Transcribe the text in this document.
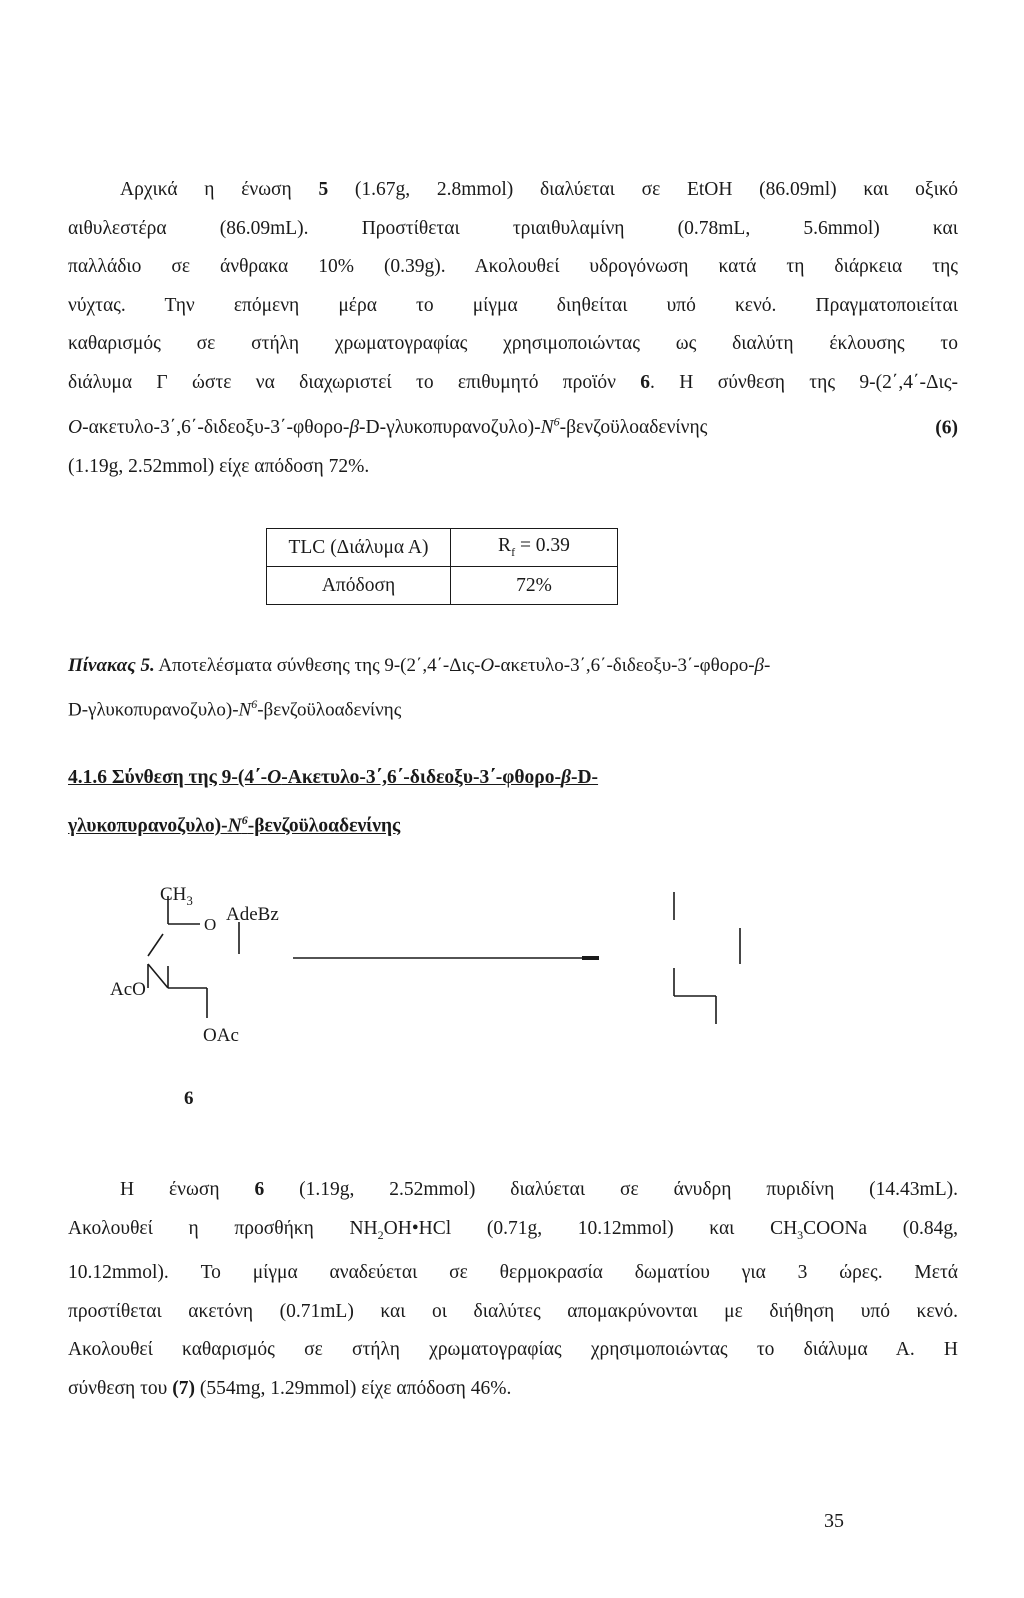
Αρχικά η ένωση 5 (1.67g, 2.8mmol) διαλύεται σε EtOH (86.09ml) και οξικό
αιθυλεστέρα (86.09mL). Προστίθεται τριαιθυλαμίνη (0.78mL, 5.6mmol) και
παλλάδιο σε άνθρακα 10% (0.39g). Ακολουθεί υδρογόνωση κατά τη διάρκεια της
νύχτας. Την επόμενη μέρα το μίγμα διηθείται υπό κενό. Πραγματοποιείται
καθαρισμός σε στήλη χρωματογραφίας χρησιμοποιώντας ως διαλύτη έκλουσης το
διάλυμα Γ ώστε να διαχωριστεί το επιθυμητό προϊόν 6. Η σύνθεση της 9-(2΄,4΄-Δις-
$O-\alpha\kappa\varepsilon\tau\upsilon\lambda o-3΄,6΄-\delta\iota\delta\varepsilon o\xi\upsilon-3΄-\varphi\theta o\rho o-\beta-D-\gamma\lambda\upsilon\kappa o\pi\upsilon\rho\alpha\nu o\zeta\upsilon\lambda o)-N^6$-βενζοϋλοαδενίνης (6)
(1.19g, 2.52mmol) είχε απόδοση 72%.
TLC (Διάλυμα Α)	$R_f = 0.39$
Απόδοση	72%
Πίνακας 5. Αποτελέσματα σύνθεσης της 9-(2΄,4΄-Δις-O-ακετυλο-3΄,6΄-διδεοξυ-3΄-φθορο-β-
$D-\gamma\lambda\upsilon\kappa o\pi\upsilon\rho\alpha\nu o\zeta\upsilon\lambda o)-N^6$-βενζοϋλοαδενίνης
4.1.6 Σύνθεση της 9-(4΄-O-Ακετυλο-3΄,6΄-διδεοξυ-3΄-φθορο-β-D-
$\gamma\lambda\upsilon\kappa o\pi\upsilon\rho\alpha\nu o\zeta\upsilon\lambda o)-N^6$-βενζοϋλοαδενίνης
$CH_3$
O AdeBz
AcO
OAc
6
Η ένωση 6 (1.19g, 2.52mmol) διαλύεται σε άνυδρη πυριδίνη (14.43mL).
Ακολουθεί η προσθήκη $NH_2OH•HCl$ (0.71g, 10.12mmol) και $CH_3COONa$ (0.84g,
10.12mmol). Το μίγμα αναδεύεται σε θερμοκρασία δωματίου για 3 ώρες. Μετά
προστίθεται ακετόνη (0.71mL) και οι διαλύτες απομακρύνονται με διήθηση υπό κενό.
Ακολουθεί καθαρισμός σε στήλη χρωματογραφίας χρησιμοποιώντας το διάλυμα Α. Η
σύνθεση του (7) (554mg, 1.29mmol) είχε απόδοση 46%.
35
